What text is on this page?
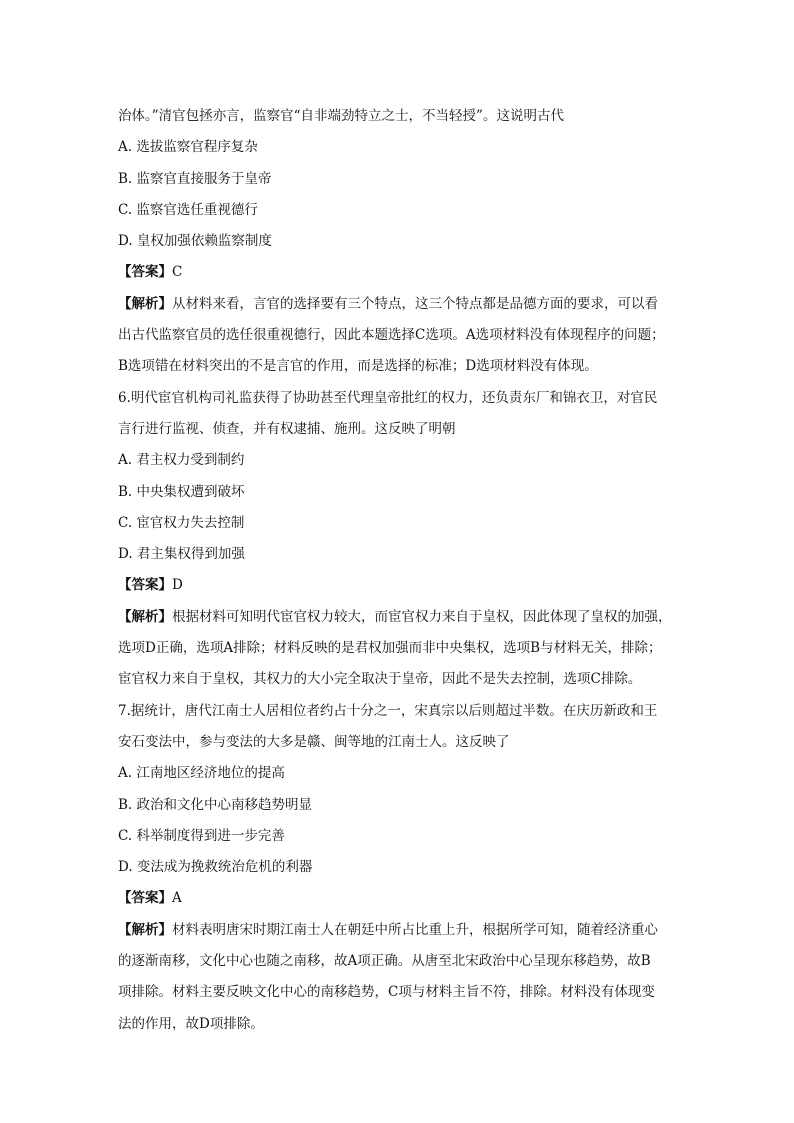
治体。”清官包拯亦言，监察官“自非端劲特立之士，不当轻授”。这说明古代
A. 选拔监察官程序复杂
B. 监察官直接服务于皇帝
C. 监察官选任重视德行
D. 皇权加强依赖监察制度
【答案】C
【解析】从材料来看，言官的选择要有三个特点，这三个特点都是品德方面的要求，可以看
出古代监察官员的选任很重视德行，因此本题选择C选项。A选项材料没有体现程序的问题；
B选项错在材料突出的不是言官的作用，而是选择的标准；D选项材料没有体现。
6.明代宦官机构司礼监获得了协助甚至代理皇帝批红的权力，还负责东厂和锦衣卫，对官民
言行进行监视、侦查，并有权逮捕、施刑。这反映了明朝
A. 君主权力受到制约
B. 中央集权遭到破坏
C. 宦官权力失去控制
D. 君主集权得到加强
【答案】D
【解析】根据材料可知明代宦官权力较大，而宦官权力来自于皇权，因此体现了皇权的加强，
选项D正确，选项A排除；材料反映的是君权加强而非中央集权，选项B与材料无关，排除；
宦官权力来自于皇权，其权力的大小完全取决于皇帝，因此不是失去控制，选项C排除。
7.据统计，唐代江南士人居相位者约占十分之一，宋真宗以后则超过半数。在庆历新政和王
安石变法中，参与变法的大多是赣、闽等地的江南士人。这反映了
A. 江南地区经济地位的提高
B. 政治和文化中心南移趋势明显
C. 科举制度得到进一步完善
D. 变法成为挽救统治危机的利器
【答案】A
【解析】材料表明唐宋时期江南士人在朝廷中所占比重上升，根据所学可知，随着经济重心
的逐渐南移，文化中心也随之南移，故A项正确。从唐至北宋政治中心呈现东移趋势，故B
项排除。材料主要反映文化中心的南移趋势，C项与材料主旨不符，排除。材料没有体现变
法的作用，故D项排除。
